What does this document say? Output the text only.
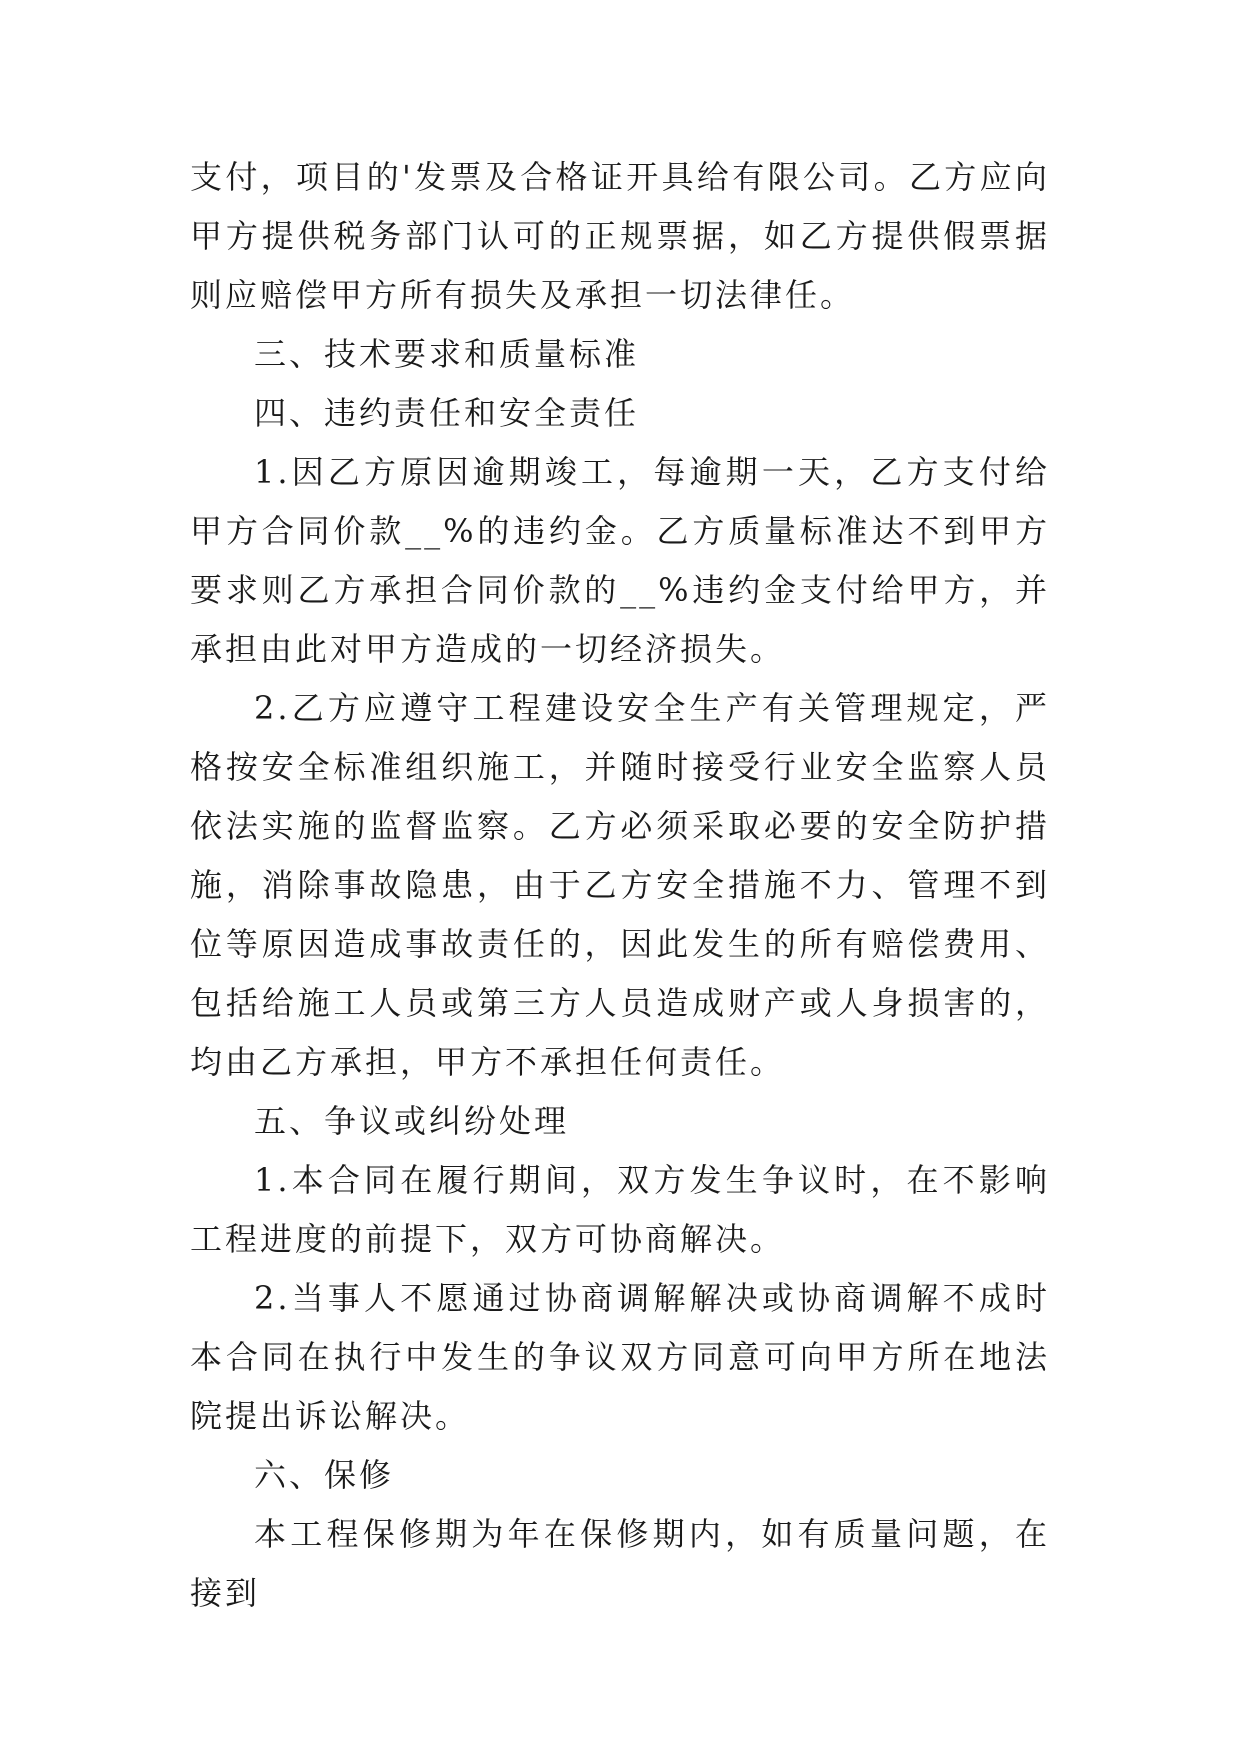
支付，项目的'发票及合格证开具给有限公司。乙方应向甲方提供税务部门认可的正规票据，如乙方提供假票据则应赔偿甲方所有损失及承担一切法律任。

三、技术要求和质量标准

四、违约责任和安全责任

1.因乙方原因逾期竣工，每逾期一天，乙方支付给甲方合同价款__%的违约金。乙方质量标准达不到甲方要求则乙方承担合同价款的__%违约金支付给甲方，并承担由此对甲方造成的一切经济损失。

2.乙方应遵守工程建设安全生产有关管理规定，严格按安全标准组织施工，并随时接受行业安全监察人员依法实施的监督监察。乙方必须采取必要的安全防护措施，消除事故隐患，由于乙方安全措施不力、管理不到位等原因造成事故责任的，因此发生的所有赔偿费用、包括给施工人员或第三方人员造成财产或人身损害的，均由乙方承担，甲方不承担任何责任。

五、争议或纠纷处理

1.本合同在履行期间，双方发生争议时，在不影响工程进度的前提下，双方可协商解决。

2.当事人不愿通过协商调解解决或协商调解不成时本合同在执行中发生的争议双方同意可向甲方所在地法院提出诉讼解决。

六、保修

本工程保修期为年在保修期内，如有质量问题，在接到
